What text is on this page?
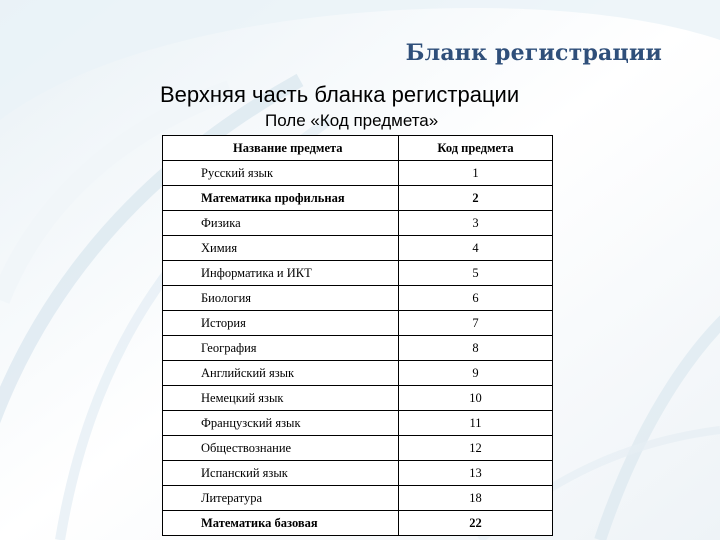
Бланк регистрации
Верхняя часть бланка регистрации
Поле «Код предмета»
Название предмета	Код предмета
Русский язык	1
Математика профильная	2
Физика	3
Химия	4
Информатика и ИКТ	5
Биология	6
История	7
География	8
Английский язык	9
Немецкий язык	10
Французский язык	11
Обществознание	12
Испанский язык	13
Литература	18
Математика базовая	22
